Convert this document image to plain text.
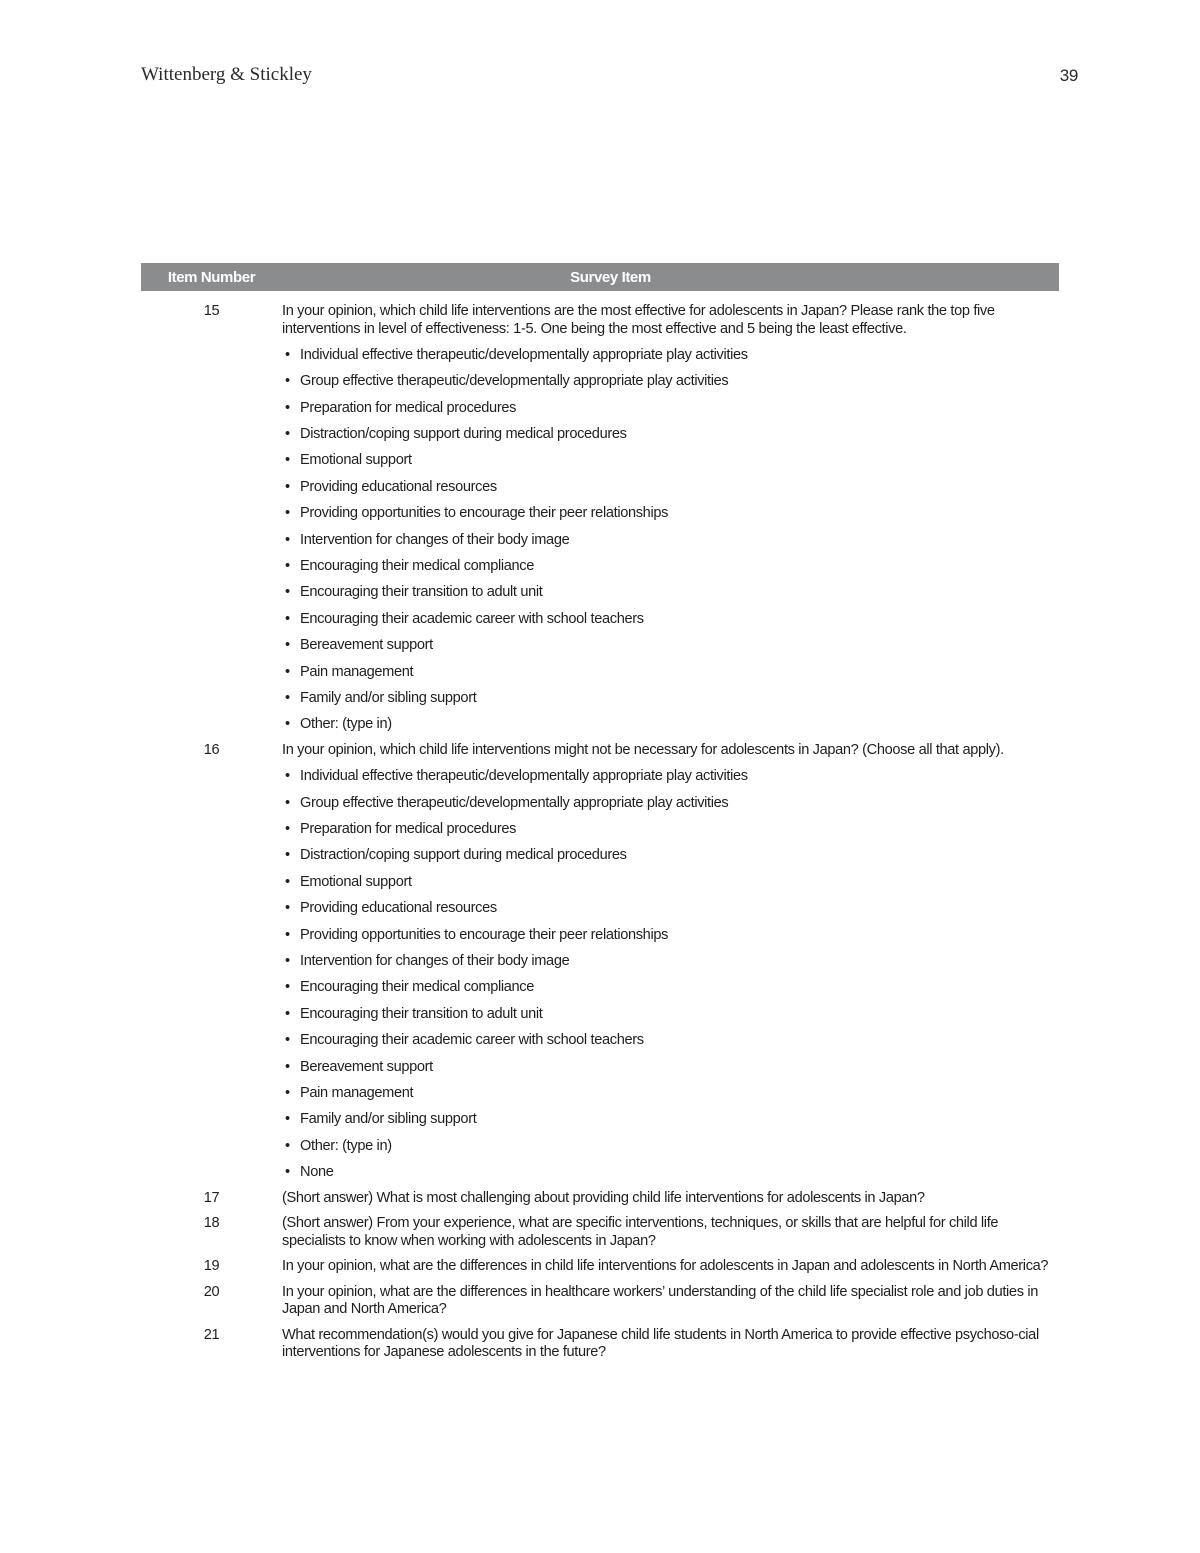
Wittenberg & Stickley	39
Item Number	Survey Item
15	In your opinion, which child life interventions are the most effective for adolescents in Japan? Please rank the top five interventions in level of effectiveness: 1-5. One being the most effective and 5 being the least effective.

• Individual effective therapeutic/developmentally appropriate play activities
• Group effective therapeutic/developmentally appropriate play activities
• Preparation for medical procedures
• Distraction/coping support during medical procedures
• Emotional support
• Providing educational resources
• Providing opportunities to encourage their peer relationships
• Intervention for changes of their body image
• Encouraging their medical compliance
• Encouraging their transition to adult unit
• Encouraging their academic career with school teachers
• Bereavement support
• Pain management
• Family and/or sibling support
• Other: (type in)
16	In your opinion, which child life interventions might not be necessary for adolescents in Japan? (Choose all that apply).

• Individual effective therapeutic/developmentally appropriate play activities
• Group effective therapeutic/developmentally appropriate play activities
• Preparation for medical procedures
• Distraction/coping support during medical procedures
• Emotional support
• Providing educational resources
• Providing opportunities to encourage their peer relationships
• Intervention for changes of their body image
• Encouraging their medical compliance
• Encouraging their transition to adult unit
• Encouraging their academic career with school teachers
• Bereavement support
• Pain management
• Family and/or sibling support
• Other: (type in)
• None
17	(Short answer) What is most challenging about providing child life interventions for adolescents in Japan?

18	(Short answer) From your experience, what are specific interventions, techniques, or skills that are helpful for child life specialists to know when working with adolescents in Japan?

19	In your opinion, what are the differences in child life interventions for adolescents in Japan and adolescents in North America?

20	In your opinion, what are the differences in healthcare workers’ understanding of the child life specialist role and job duties in Japan and North America?

21	What recommendation(s) would you give for Japanese child life students in North America to provide effective psychoso-cial interventions for Japanese adolescents in the future?
